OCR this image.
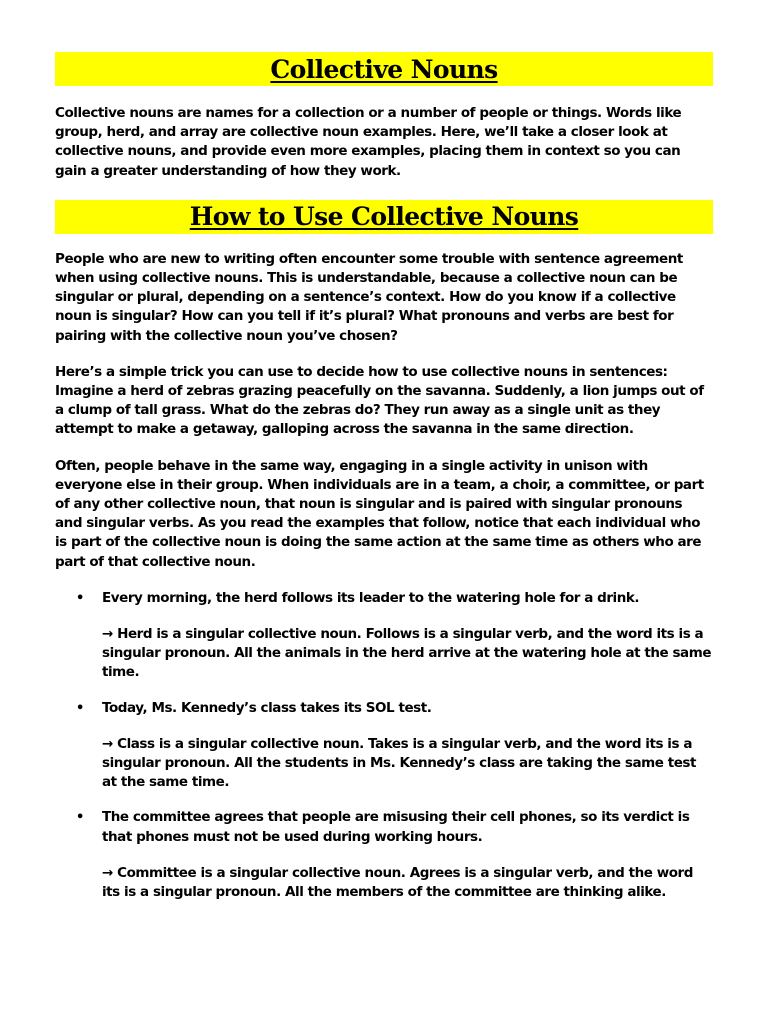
Collective Nouns

Collective nouns are names for a collection or a number of people or things. Words like group, herd, and array are collective noun examples. Here, we’ll take a closer look at collective nouns, and provide even more examples, placing them in context so you can gain a greater understanding of how they work.

How to Use Collective Nouns

People who are new to writing often encounter some trouble with sentence agreement when using collective nouns. This is understandable, because a collective noun can be singular or plural, depending on a sentence’s context. How do you know if a collective noun is singular? How can you tell if it’s plural? What pronouns and verbs are best for pairing with the collective noun you’ve chosen?

Here’s a simple trick you can use to decide how to use collective nouns in sentences: Imagine a herd of zebras grazing peacefully on the savanna. Suddenly, a lion jumps out of a clump of tall grass. What do the zebras do? They run away as a single unit as they attempt to make a getaway, galloping across the savanna in the same direction.

Often, people behave in the same way, engaging in a single activity in unison with everyone else in their group. When individuals are in a team, a choir, a committee, or part of any other collective noun, that noun is singular and is paired with singular pronouns and singular verbs. As you read the examples that follow, notice that each individual who is part of the collective noun is doing the same action at the same time as others who are part of that collective noun.

• Every morning, the herd follows its leader to the watering hole for a drink.
→ Herd is a singular collective noun. Follows is a singular verb, and the word its is a singular pronoun. All the animals in the herd arrive at the watering hole at the same time.
• Today, Ms. Kennedy’s class takes its SOL test.
→ Class is a singular collective noun. Takes is a singular verb, and the word its is a singular pronoun. All the students in Ms. Kennedy’s class are taking the same test at the same time.
• The committee agrees that people are misusing their cell phones, so its verdict is that phones must not be used during working hours.
→ Committee is a singular collective noun. Agrees is a singular verb, and the word its is a singular pronoun. All the members of the committee are thinking alike.
